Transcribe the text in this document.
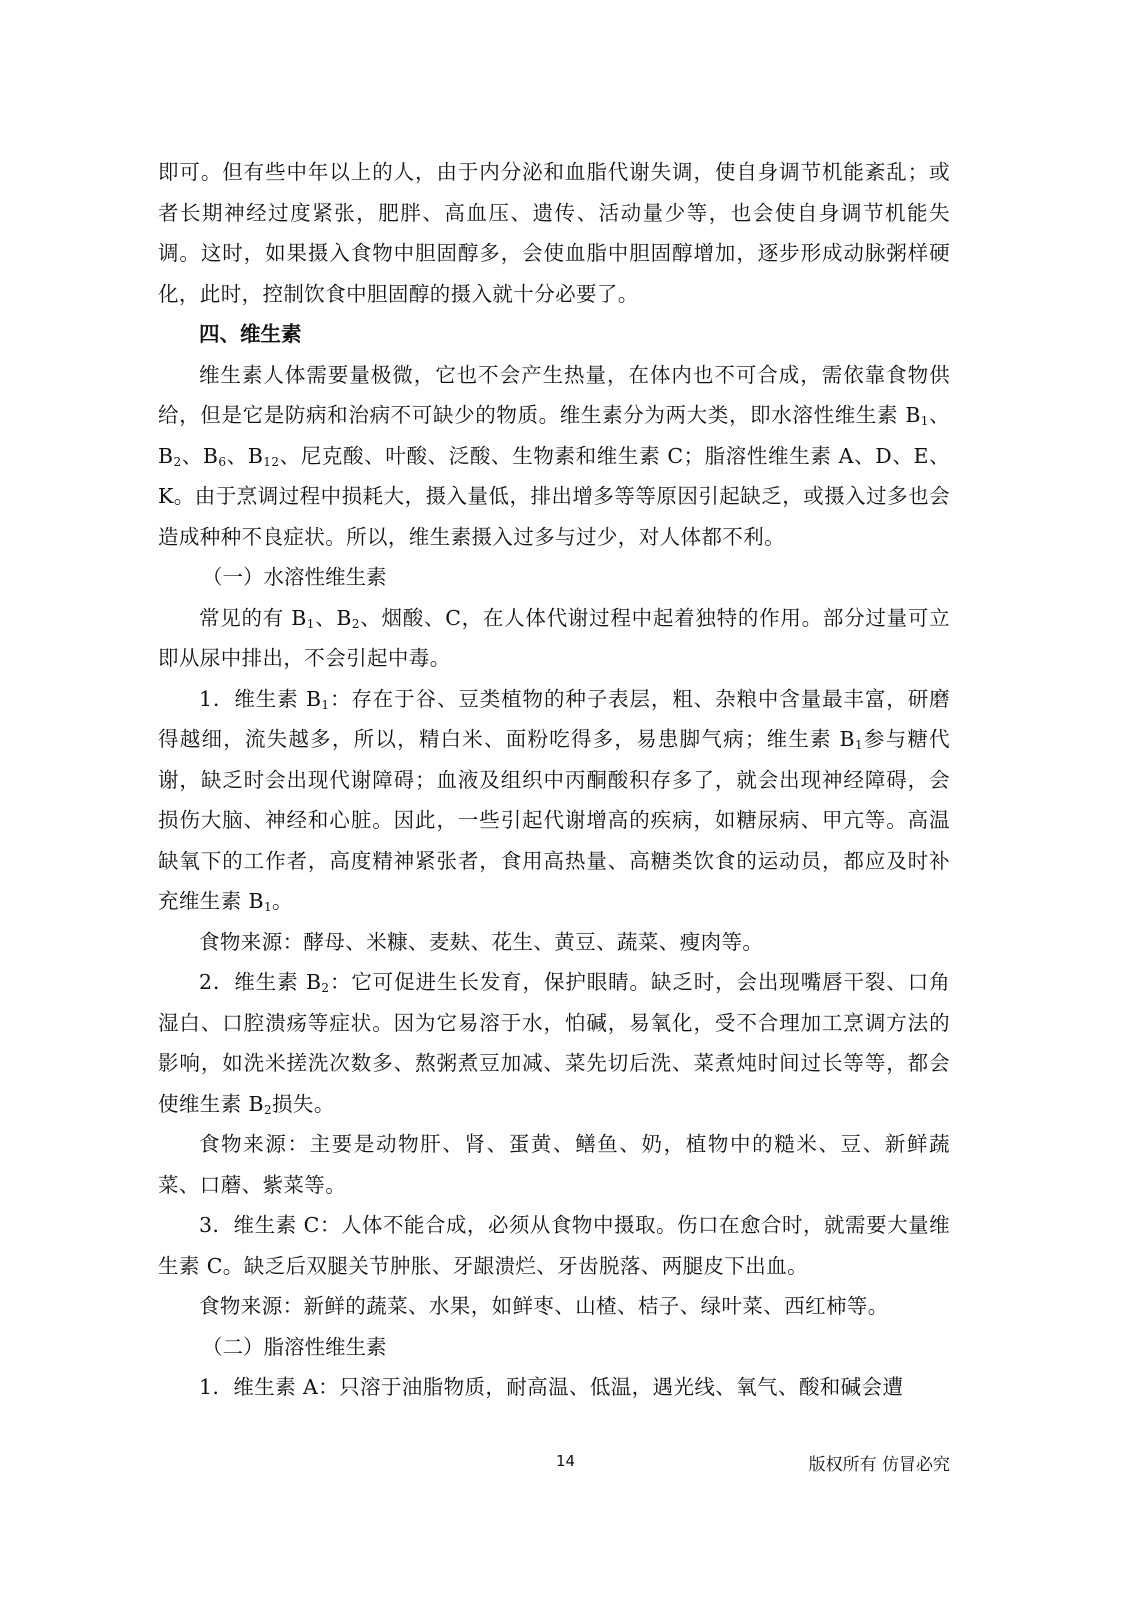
即可。但有些中年以上的人，由于内分泌和血脂代谢失调，使自身调节机能紊乱；或者长期神经过度紧张，肥胖、高血压、遗传、活动量少等，也会使自身调节机能失调。这时，如果摄入食物中胆固醇多，会使血脂中胆固醇增加，逐步形成动脉粥样硬化，此时，控制饮食中胆固醇的摄入就十分必要了。

四、维生素

维生素人体需要量极微，它也不会产生热量，在体内也不可合成，需依靠食物供给，但是它是防病和治病不可缺少的物质。维生素分为两大类，即水溶性维生素 $B_1$、$B_2$、$B_6$、$B_{12}$、尼克酸、叶酸、泛酸、生物素和维生素 C；脂溶性维生素 A、D、E、K。由于烹调过程中损耗大，摄入量低，排出增多等等原因引起缺乏，或摄入过多也会造成种种不良症状。所以，维生素摄入过多与过少，对人体都不利。

（一）水溶性维生素

常见的有 $B_1$、$B_2$、烟酸、C，在人体代谢过程中起着独特的作用。部分过量可立即从尿中排出，不会引起中毒。

1．维生素 $B_1$：存在于谷、豆类植物的种子表层，粗、杂粮中含量最丰富，研磨得越细，流失越多，所以，精白米、面粉吃得多，易患脚气病；维生素 $B_1$参与糖代谢，缺乏时会出现代谢障碍；血液及组织中丙酮酸积存多了，就会出现神经障碍，会损伤大脑、神经和心脏。因此，一些引起代谢增高的疾病，如糖尿病、甲亢等。高温缺氧下的工作者，高度精神紧张者，食用高热量、高糖类饮食的运动员，都应及时补充维生素 $B_1$。

食物来源：酵母、米糠、麦麸、花生、黄豆、蔬菜、瘦肉等。

2．维生素 $B_2$：它可促进生长发育，保护眼睛。缺乏时，会出现嘴唇干裂、口角湿白、口腔溃疡等症状。因为它易溶于水，怕碱，易氧化，受不合理加工烹调方法的影响，如洗米搓洗次数多、熬粥煮豆加减、菜先切后洗、菜煮炖时间过长等等，都会使维生素 $B_2$损失。

食物来源：主要是动物肝、肾、蛋黄、鳝鱼、奶，植物中的糙米、豆、新鲜蔬菜、口蘑、紫菜等。

3．维生素 C：人体不能合成，必须从食物中摄取。伤口在愈合时，就需要大量维生素 C。缺乏后双腿关节肿胀、牙龈溃烂、牙齿脱落、两腿皮下出血。

食物来源：新鲜的蔬菜、水果，如鲜枣、山楂、桔子、绿叶菜、西红柿等。

（二）脂溶性维生素

1．维生素 A：只溶于油脂物质，耐高温、低温，遇光线、氧气、酸和碱会遭

14	版权所有 仿冒必究
